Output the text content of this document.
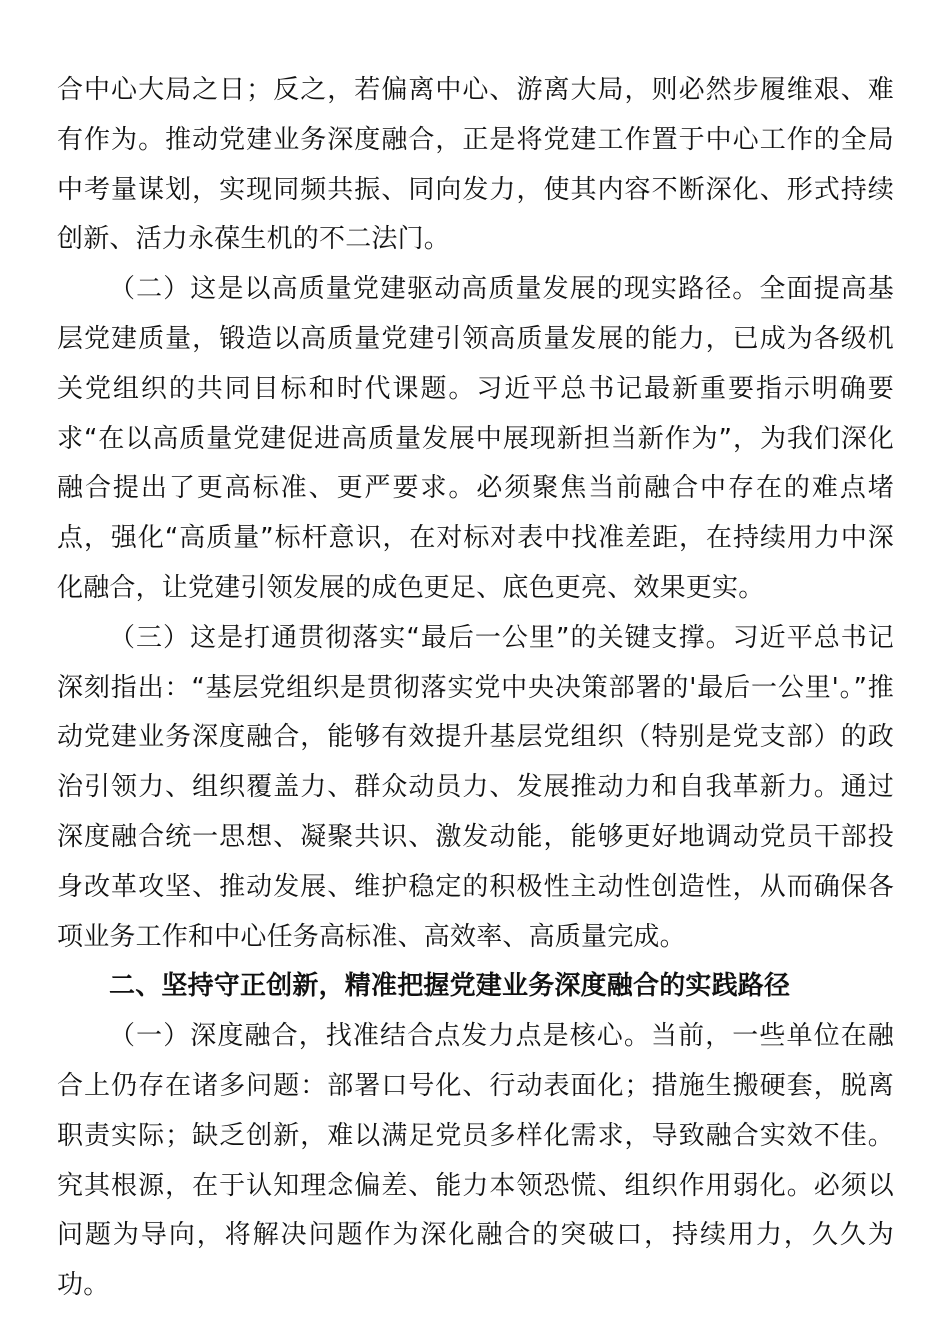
合中心大局之日；反之，若偏离中心、游离大局，则必然步履维艰、难有作为。推动党建业务深度融合，正是将党建工作置于中心工作的全局中考量谋划，实现同频共振、同向发力，使其内容不断深化、形式持续创新、活力永葆生机的不二法门。

（二）这是以高质量党建驱动高质量发展的现实路径。全面提高基层党建质量，锻造以高质量党建引领高质量发展的能力，已成为各级机关党组织的共同目标和时代课题。习近平总书记最新重要指示明确要求“在以高质量党建促进高质量发展中展现新担当新作为”，为我们深化融合提出了更高标准、更严要求。必须聚焦当前融合中存在的难点堵点，强化“高质量”标杆意识，在对标对表中找准差距，在持续用力中深化融合，让党建引领发展的成色更足、底色更亮、效果更实。

（三）这是打通贯彻落实“最后一公里”的关键支撑。习近平总书记深刻指出：“基层党组织是贯彻落实党中央决策部署的'最后一公里'。”推动党建业务深度融合，能够有效提升基层党组织（特别是党支部）的政治引领力、组织覆盖力、群众动员力、发展推动力和自我革新力。通过深度融合统一思想、凝聚共识、激发动能，能够更好地调动党员干部投身改革攻坚、推动发展、维护稳定的积极性主动性创造性，从而确保各项业务工作和中心任务高标准、高效率、高质量完成。

二、坚持守正创新，精准把握党建业务深度融合的实践路径

（一）深度融合，找准结合点发力点是核心。当前，一些单位在融合上仍存在诸多问题：部署口号化、行动表面化；措施生搬硬套，脱离职责实际；缺乏创新，难以满足党员多样化需求，导致融合实效不佳。究其根源，在于认知理念偏差、能力本领恐慌、组织作用弱化。必须以问题为导向，将解决问题作为深化融合的突破口，持续用力，久久为功。
